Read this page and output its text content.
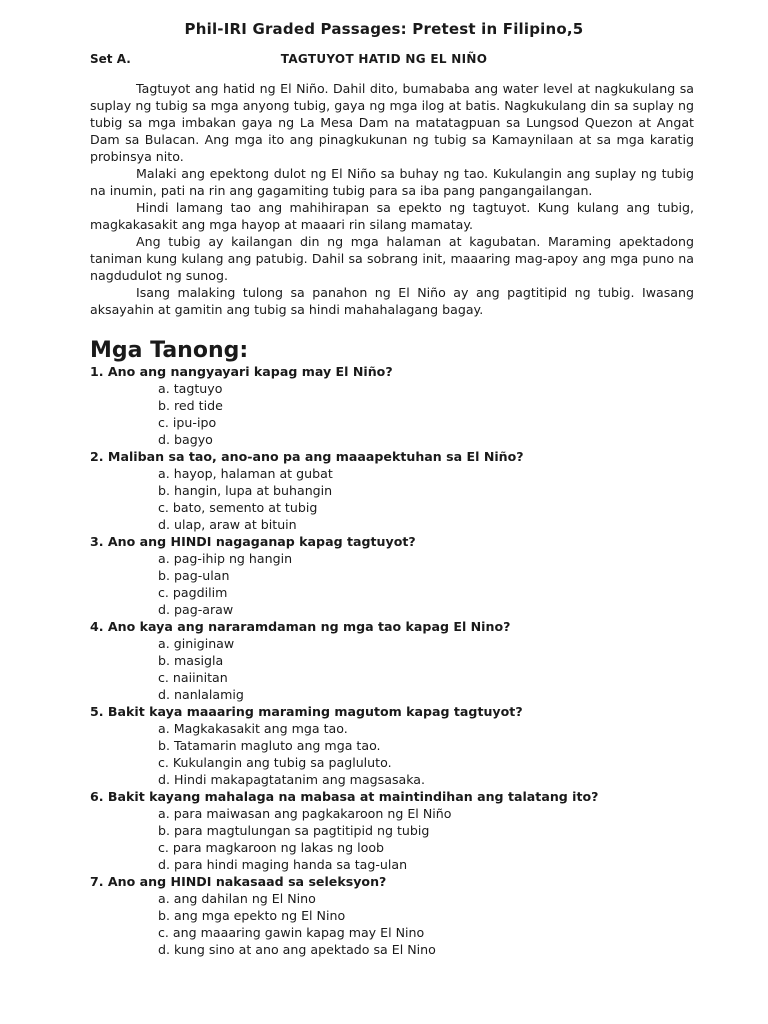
Phil-IRI Graded Passages: Pretest in Filipino,5
Set A.	TAGTUYOT HATID NG EL NIÑO

Tagtuyot ang hatid ng El Niño. Dahil dito, bumababa ang water level at nagkukulang sa suplay ng tubig sa mga anyong tubig, gaya ng mga ilog at batis. Nagkukulang din sa suplay ng tubig sa mga imbakan gaya ng La Mesa Dam na matatagpuan sa Lungsod Quezon at Angat Dam sa Bulacan. Ang mga ito ang pinagkukunan ng tubig sa Kamaynilaan at sa mga karatig probinsya nito.

Malaki ang epektong dulot ng El Niño sa buhay ng tao. Kukulangin ang suplay ng tubig na inumin, pati na rin ang gagamiting tubig para sa iba pang pangangailangan.

Hindi lamang tao ang mahihirapan sa epekto ng tagtuyot. Kung kulang ang tubig, magkakasakit ang mga hayop at maaari rin silang mamatay.

Ang tubig ay kailangan din ng mga halaman at kagubatan. Maraming apektadong taniman kung kulang ang patubig. Dahil sa sobrang init, maaaring mag-apoy ang mga puno na nagdudulot ng sunog.

Isang malaking tulong sa panahon ng El Niño ay ang pagtitipid ng tubig. Iwasang aksayahin at gamitin ang tubig sa hindi mahahalagang bagay.

Mga Tanong:
1. Ano ang nangyayari kapag may El Niño?
a. tagtuyo
b. red tide
c. ipu-ipo
d. bagyo
2. Maliban sa tao, ano-ano pa ang maaapektuhan sa El Niño?
a. hayop, halaman at gubat
b. hangin, lupa at buhangin
c. bato, semento at tubig
d. ulap, araw at bituin
3. Ano ang HINDI nagaganap kapag tagtuyot?
a. pag-ihip ng hangin
b. pag-ulan
c. pagdilim
d. pag-araw
4. Ano kaya ang nararamdaman ng mga tao kapag El Nino?
a. giniginaw
b. masigla
c. naiinitan
d. nanlalamig
5. Bakit kaya maaaring maraming magutom kapag tagtuyot?
a. Magkakasakit ang mga tao.
b. Tatamarin magluto ang mga tao.
c. Kukulangin ang tubig sa pagluluto.
d. Hindi makapagtatanim ang magsasaka.
6. Bakit kayang mahalaga na mabasa at maintindihan ang talatang ito?
a. para maiwasan ang pagkakaroon ng El Niño
b. para magtulungan sa pagtitipid ng tubig
c. para magkaroon ng lakas ng loob
d. para hindi maging handa sa tag-ulan
7. Ano ang HINDI nakasaad sa seleksyon?
a. ang dahilan ng El Nino
b. ang mga epekto ng El Nino
c. ang maaaring gawin kapag may El Nino
d. kung sino at ano ang apektado sa El Nino
